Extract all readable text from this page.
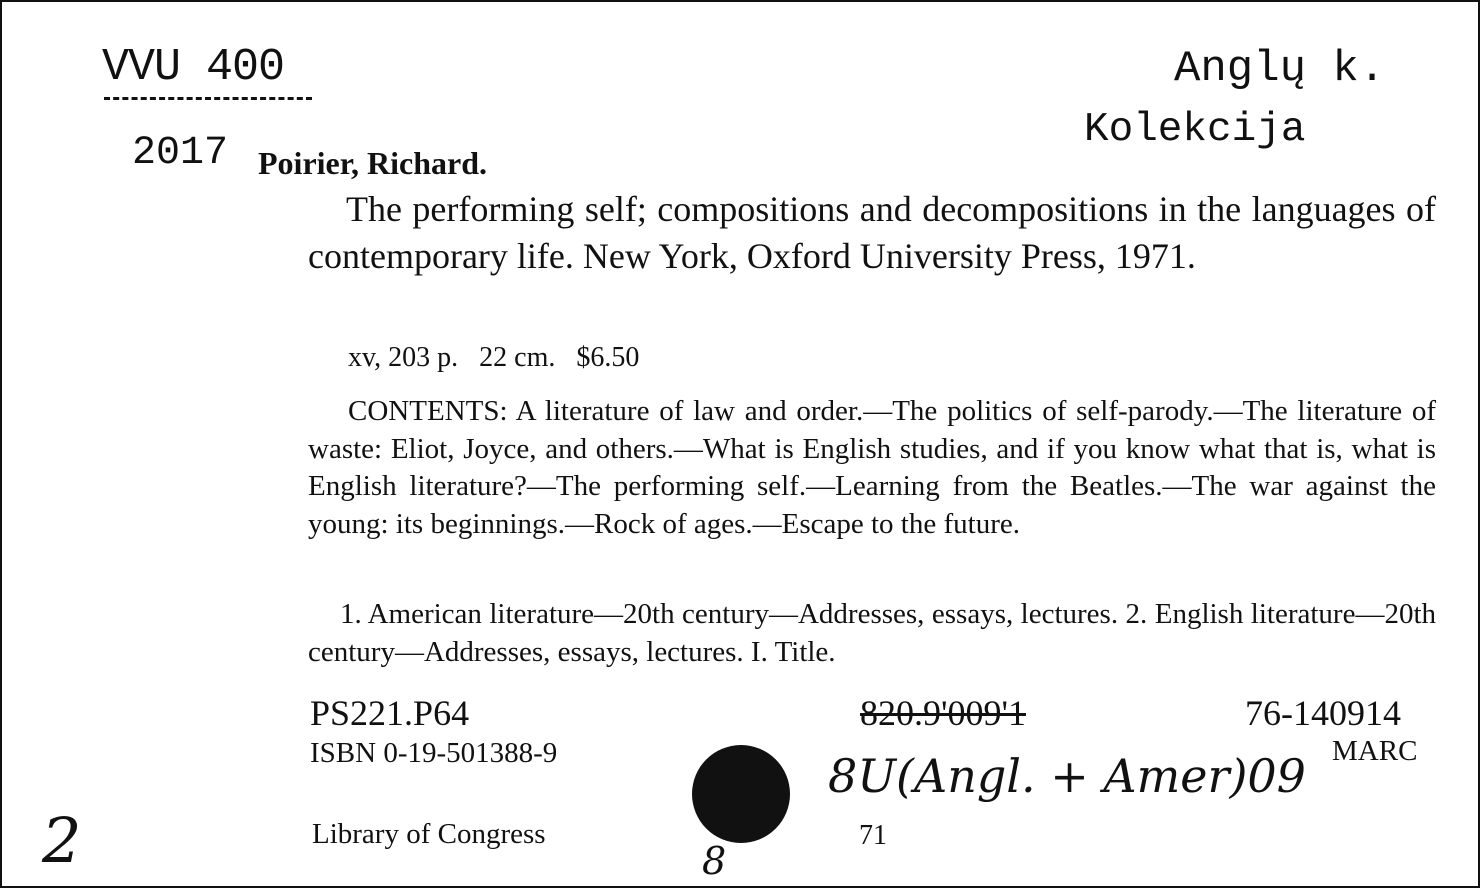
VVU 400	Anglų k.
Kolekcija
2017 Poirier, Richard.
The performing self; compositions and decompositions in the languages of contemporary life. New York, Oxford University Press, 1971.
xv, 203 p.   22 cm.   $6.50
CONTENTS: A literature of law and order.—The politics of self-parody.—The literature of waste: Eliot, Joyce, and others.—What is English studies, and if you know what that is, what is English literature?—The performing self.—Learning from the Beatles.—The war against the young: its beginnings.—Rock of ages.—Escape to the future.
1. American literature—20th century—Addresses, essays, lectures. 2. English literature—20th century—Addresses, essays, lectures. I. Title.
PS221.P64	820.9'009'1	76-140914
ISBN 0-19-501388-9	MARC
8U(Angl. + Amer)09
Library of Congress	71
2	8
